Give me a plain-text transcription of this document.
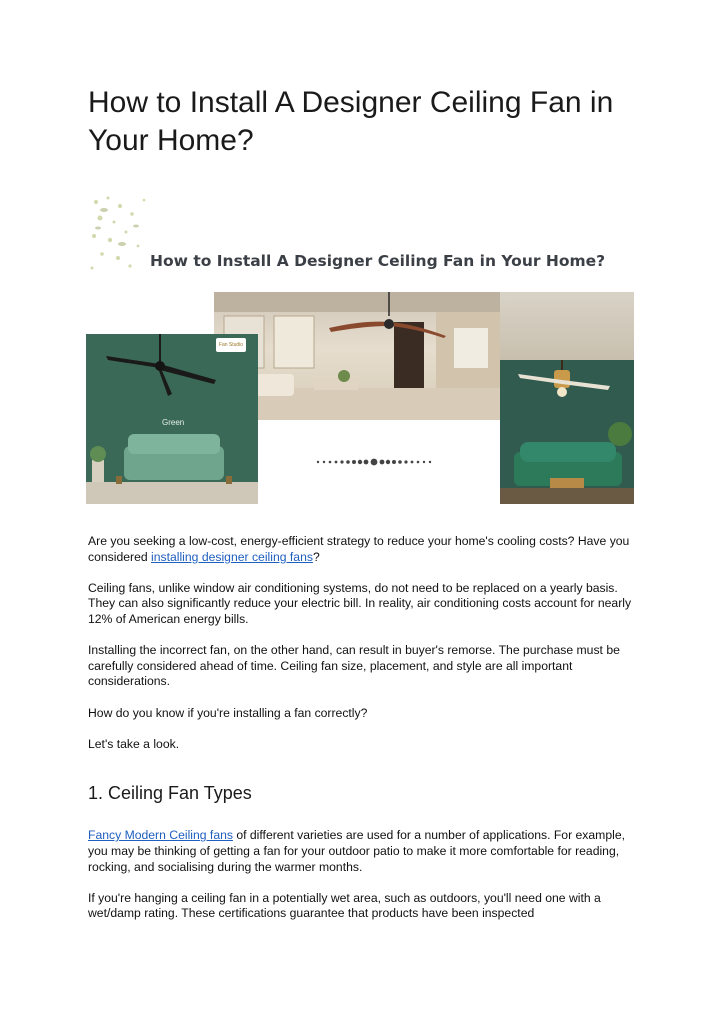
How to Install A Designer Ceiling Fan in Your Home?
How to Install A Designer Ceiling Fan in Your Home?
Green
Fan Studio

Are you seeking a low-cost, energy-efficient strategy to reduce your home's cooling costs? Have you considered installing designer ceiling fans?

Ceiling fans, unlike window air conditioning systems, do not need to be replaced on a yearly basis. They can also significantly reduce your electric bill. In reality, air conditioning costs account for nearly 12% of American energy bills.

Installing the incorrect fan, on the other hand, can result in buyer's remorse. The purchase must be carefully considered ahead of time. Ceiling fan size, placement, and style are all important considerations.

How do you know if you're installing a fan correctly?

Let's take a look.

1. Ceiling Fan Types

Fancy Modern Ceiling fans of different varieties are used for a number of applications. For example, you may be thinking of getting a fan for your outdoor patio to make it more comfortable for reading, rocking, and socialising during the warmer months.

If you're hanging a ceiling fan in a potentially wet area, such as outdoors, you'll need one with a wet/damp rating. These certifications guarantee that products have been inspected
